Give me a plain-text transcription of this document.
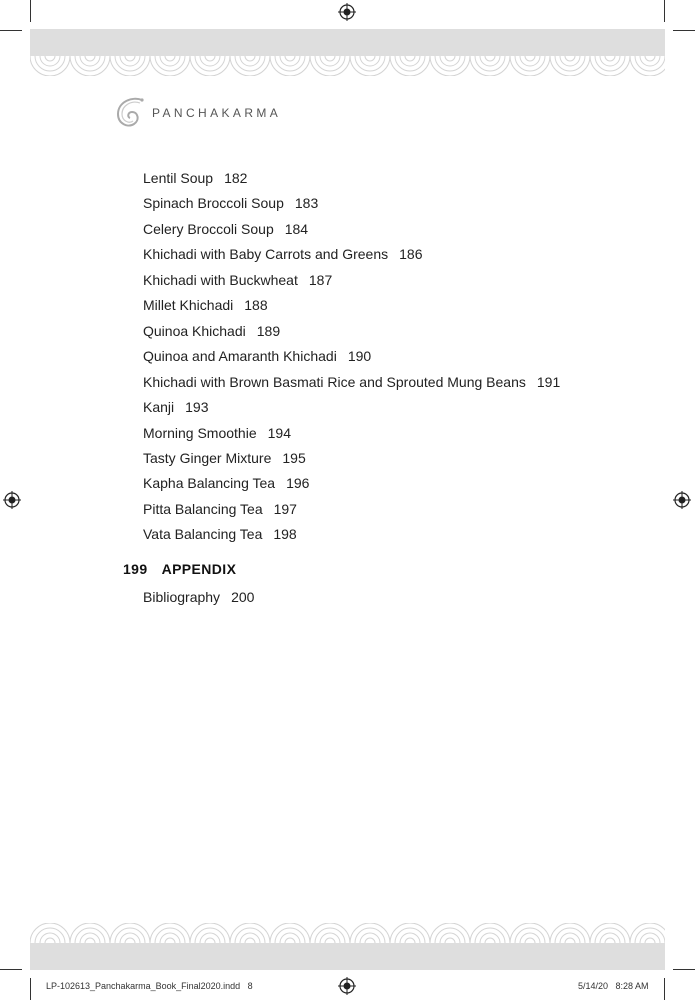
PANCHAKARMA
Lentil Soup 182
Spinach Broccoli Soup 183
Celery Broccoli Soup 184
Khichadi with Baby Carrots and Greens 186
Khichadi with Buckwheat 187
Millet Khichadi 188
Quinoa Khichadi 189
Quinoa and Amaranth Khichadi 190
Khichadi with Brown Basmati Rice and Sprouted Mung Beans 191
Kanji 193
Morning Smoothie 194
Tasty Ginger Mixture 195
Kapha Balancing Tea 196
Pitta Balancing Tea 197
Vata Balancing Tea 198
199 APPENDIX
Bibliography 200
LP-102613_Panchakarma_Book_Final2020.indd   8	5/14/20   8:28 AM
